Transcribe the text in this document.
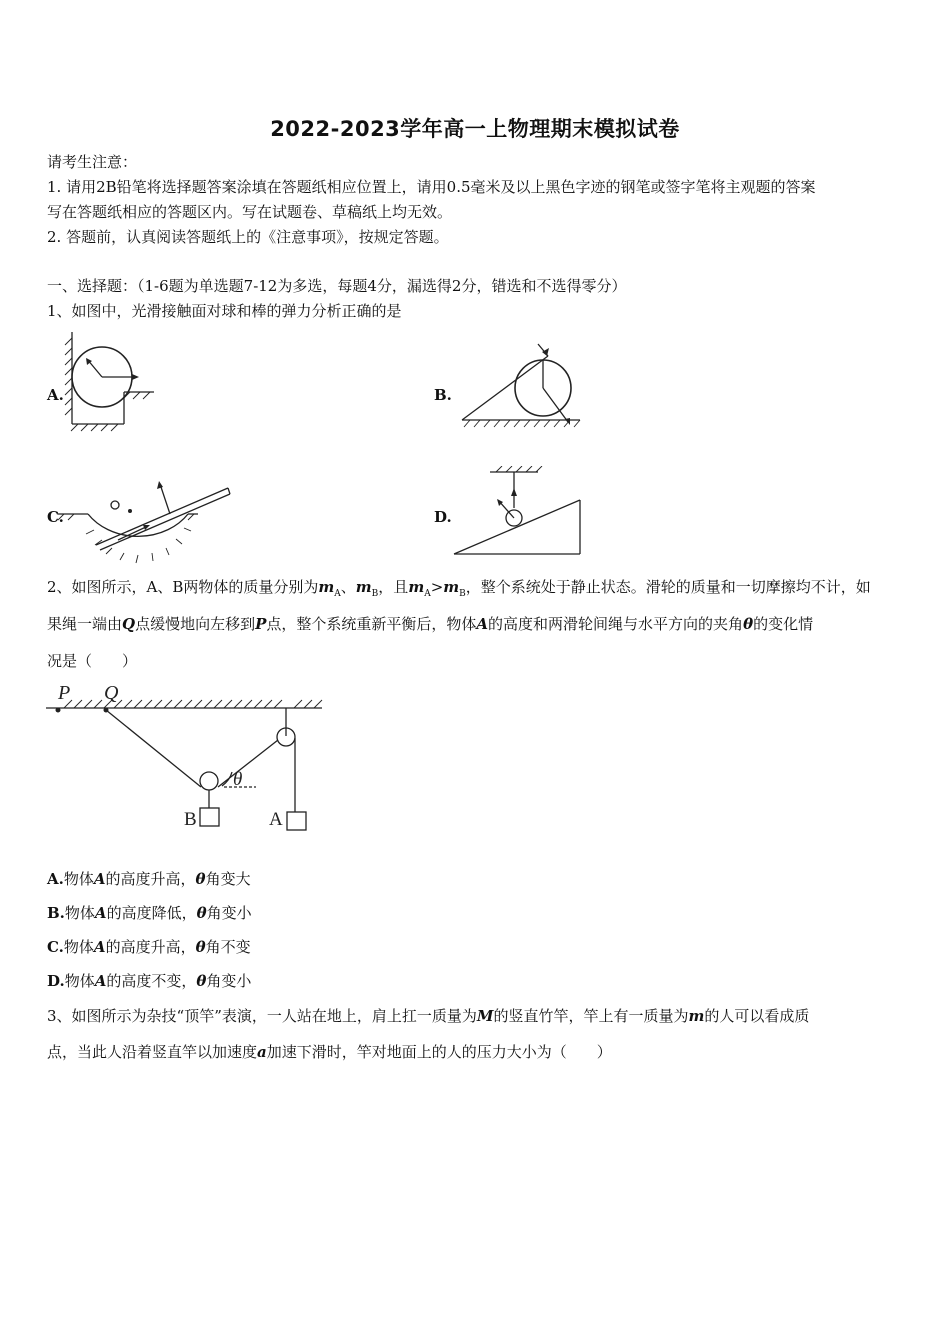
2022-2023学年高一上物理期末模拟试卷
请考生注意：
1. 请用2B铅笔将选择题答案涂填在答题纸相应位置上，请用0.5毫米及以上黑色字迹的钢笔或签字笔将主观题的答案
写在答题纸相应的答题区内。写在试题卷、草稿纸上均无效。
2. 答题前，认真阅读答题纸上的《注意事项》，按规定答题。
一、选择题：（1-6题为单选题7-12为多选，每题4分，漏选得2分，错选和不选得零分）
1、如图中，光滑接触面对球和棒的弹力分析正确的是
A.	B.
C.	D.
2、如图所示，A、B两物体的质量分别为$m_A$、$m_B$，且$m_A>m_B$，整个系统处于静止状态。滑轮的质量和一切摩擦均不计，如
果绳一端由Q点缓慢地向左移到P点，整个系统重新平衡后，物体A的高度和两滑轮间绳与水平方向的夹角θ的变化情
况是（　　）
P Q
θ
B	A
A.物体A的高度升高，θ角变大
B.物体A的高度降低，θ角变小
C.物体A的高度升高，θ角不变
D.物体A的高度不变，θ角变小
3、如图所示为杂技“顶竿”表演，一人站在地上，肩上扛一质量为M的竖直竹竿，竿上有一质量为m的人可以看成质
点，当此人沿着竖直竿以加速度a加速下滑时，竿对地面上的人的压力大小为（　　）
